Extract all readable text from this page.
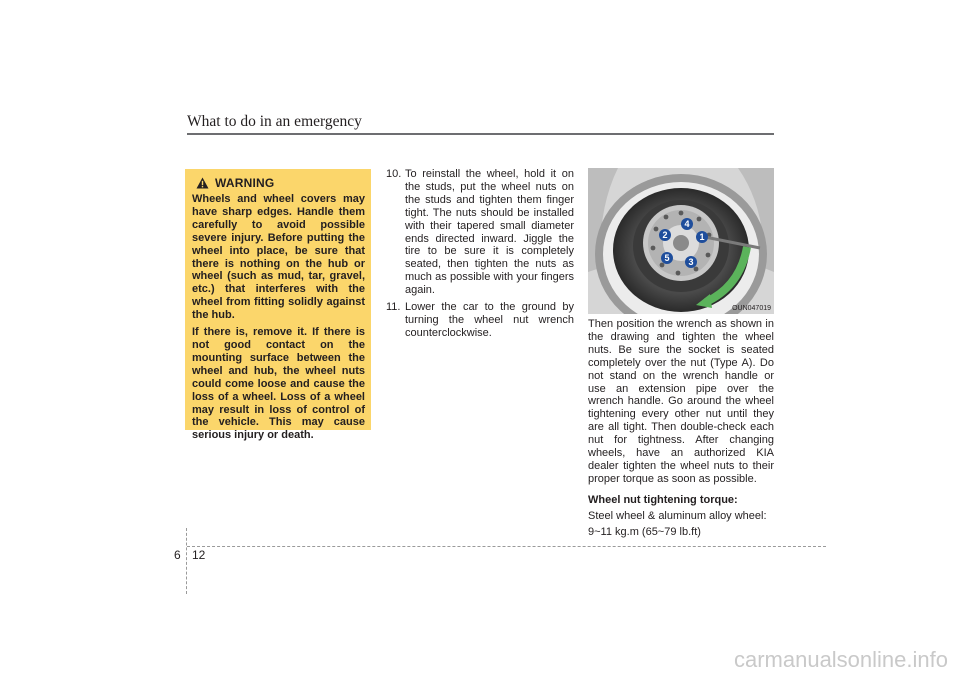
What to do in an emergency
WARNING

Wheels and wheel covers may have sharp edges. Handle them carefully to avoid possible severe injury. Before putting the wheel into place, be sure that there is nothing on the hub or wheel (such as mud, tar, gravel, etc.) that interferes with the wheel from fitting solidly against the hub.

If there is, remove it. If there is not good contact on the mounting surface between the wheel and hub, the wheel nuts could come loose and cause the loss of a wheel. Loss of a wheel may result in loss of control of the vehicle. This may cause serious injury or death.

10. To reinstall the wheel, hold it on the studs, put the wheel nuts on the studs and tighten them finger tight. The nuts should be installed with their tapered small diameter ends directed inward. Jiggle the tire to be sure it is completely seated, then tighten the nuts as much as possible with your fingers again.
11. Lower the car to the ground by turning the wheel nut wrench counterclockwise.
1
2
3
4
5
OUN047019

Then position the wrench as shown in the drawing and tighten the wheel nuts. Be sure the socket is seated completely over the nut (Type A). Do not stand on the wrench handle or use an extension pipe over the wrench handle. Go around the wheel tightening every other nut until they are all tight. Then double-check each nut for tightness. After changing wheels, have an authorized KIA dealer tighten the wheel nuts to their proper torque as soon as possible.

Wheel nut tightening torque:

Steel wheel & aluminum alloy wheel:

9~11 kg.m (65~79 lb.ft)

6 12
carmanualsonline.info
